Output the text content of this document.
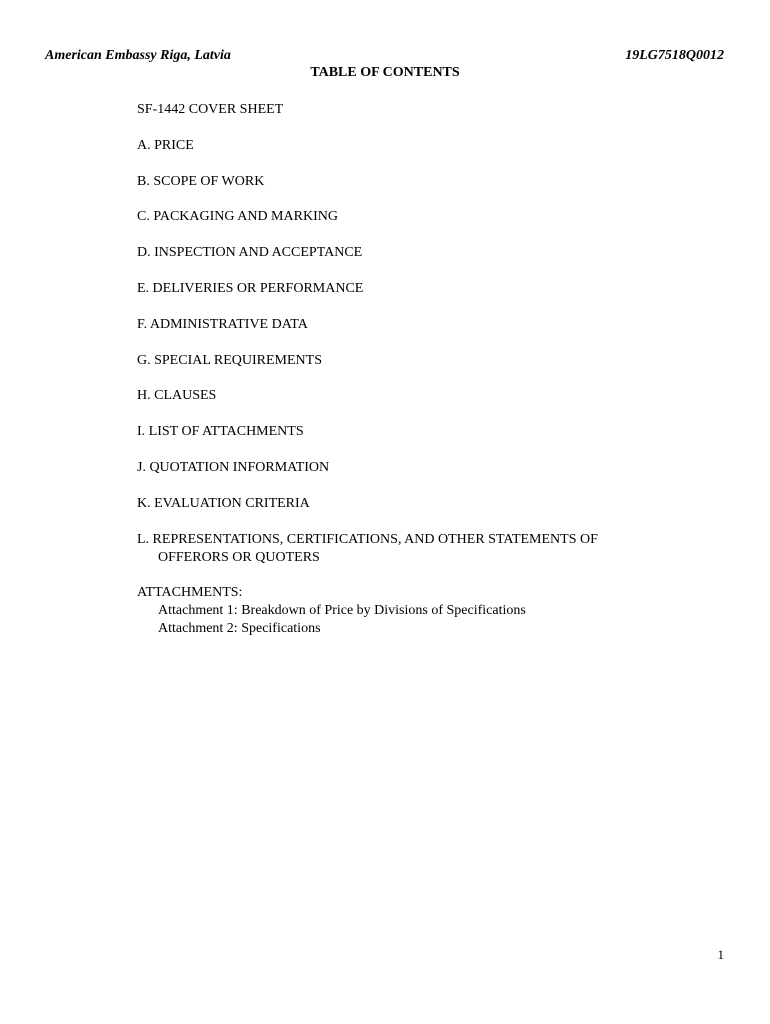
American Embassy Riga, Latvia	19LG7518Q0012
TABLE OF CONTENTS
SF-1442 COVER SHEET
A. PRICE
B. SCOPE OF WORK
C. PACKAGING AND MARKING
D. INSPECTION AND ACCEPTANCE
E. DELIVERIES OR PERFORMANCE
F. ADMINISTRATIVE DATA
G. SPECIAL REQUIREMENTS
H. CLAUSES
I. LIST OF ATTACHMENTS
J. QUOTATION INFORMATION
K. EVALUATION CRITERIA
L. REPRESENTATIONS, CERTIFICATIONS, AND OTHER STATEMENTS OF
OFFERORS OR QUOTERS
ATTACHMENTS:
Attachment 1: Breakdown of Price by Divisions of Specifications
Attachment 2: Specifications
1
